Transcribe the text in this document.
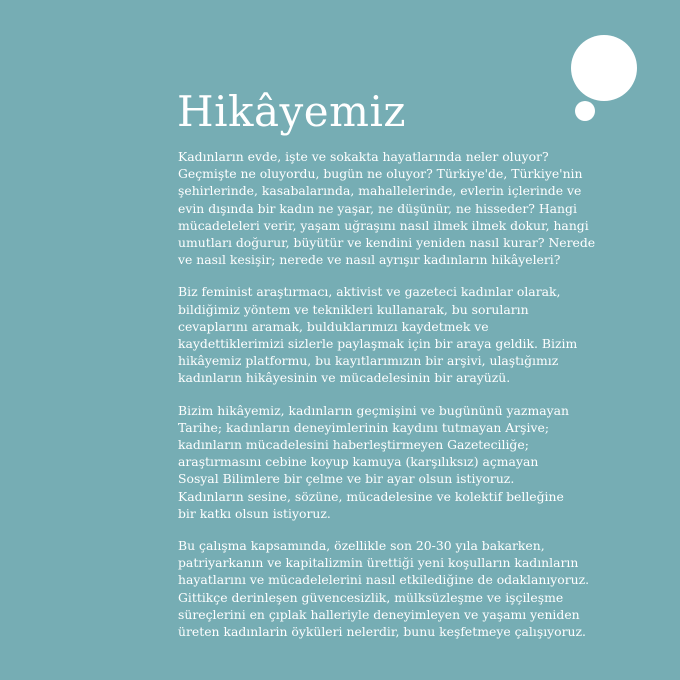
Hikâyemiz

Kadınların evde, işte ve sokakta hayatlarında neler oluyor?
Geçmişte ne oluyordu, bugün ne oluyor? Türkiye'de, Türkiye'nin
şehirlerinde, kasabalarında, mahallelerinde, evlerin içlerinde ve
evin dışında bir kadın ne yaşar, ne düşünür, ne hisseder? Hangi
mücadeleleri verir, yaşam uğraşını nasıl ilmek ilmek dokur, hangi
umutları doğurur, büyütür ve kendini yeniden nasıl kurar? Nerede
ve nasıl kesişir; nerede ve nasıl ayrışır kadınların hikâyeleri?

Biz feminist araştırmacı, aktivist ve gazeteci kadınlar olarak,
bildiğimiz yöntem ve teknikleri kullanarak, bu soruların
cevaplarını aramak, bulduklarımızı kaydetmek ve
kaydettiklerimizi sizlerle paylaşmak için bir araya geldik. Bizim
hikâyemiz platformu, bu kayıtlarımızın bir arşivi, ulaştığımız
kadınların hikâyesinin ve mücadelesinin bir arayüzü.

Bizim hikâyemiz, kadınların geçmişini ve bugününü yazmayan
Tarihe; kadınların deneyimlerinin kaydını tutmayan Arşive;
kadınların mücadelesini haberleştirmeyen Gazeteciliğe;
araştırmasını cebine koyup kamuya (karşılıksız) açmayan
Sosyal Bilimlere bir çelme ve bir ayar olsun istiyoruz.
Kadınların sesine, sözüne, mücadelesine ve kolektif belleğine
bir katkı olsun istiyoruz.

Bu çalışma kapsamında, özellikle son 20-30 yıla bakarken,
patriyarkanın ve kapitalizmin ürettiği yeni koşulların kadınların
hayatlarını ve mücadelelerini nasıl etkilediğine de odaklanıyoruz.
Gittikçe derinleşen güvencesizlik, mülksüzleşme ve işçileşme
süreçlerini en çıplak halleriyle deneyimleyen ve yaşamı yeniden
üreten kadınlarin öyküleri nelerdir, bunu keşfetmeye çalışıyoruz.
